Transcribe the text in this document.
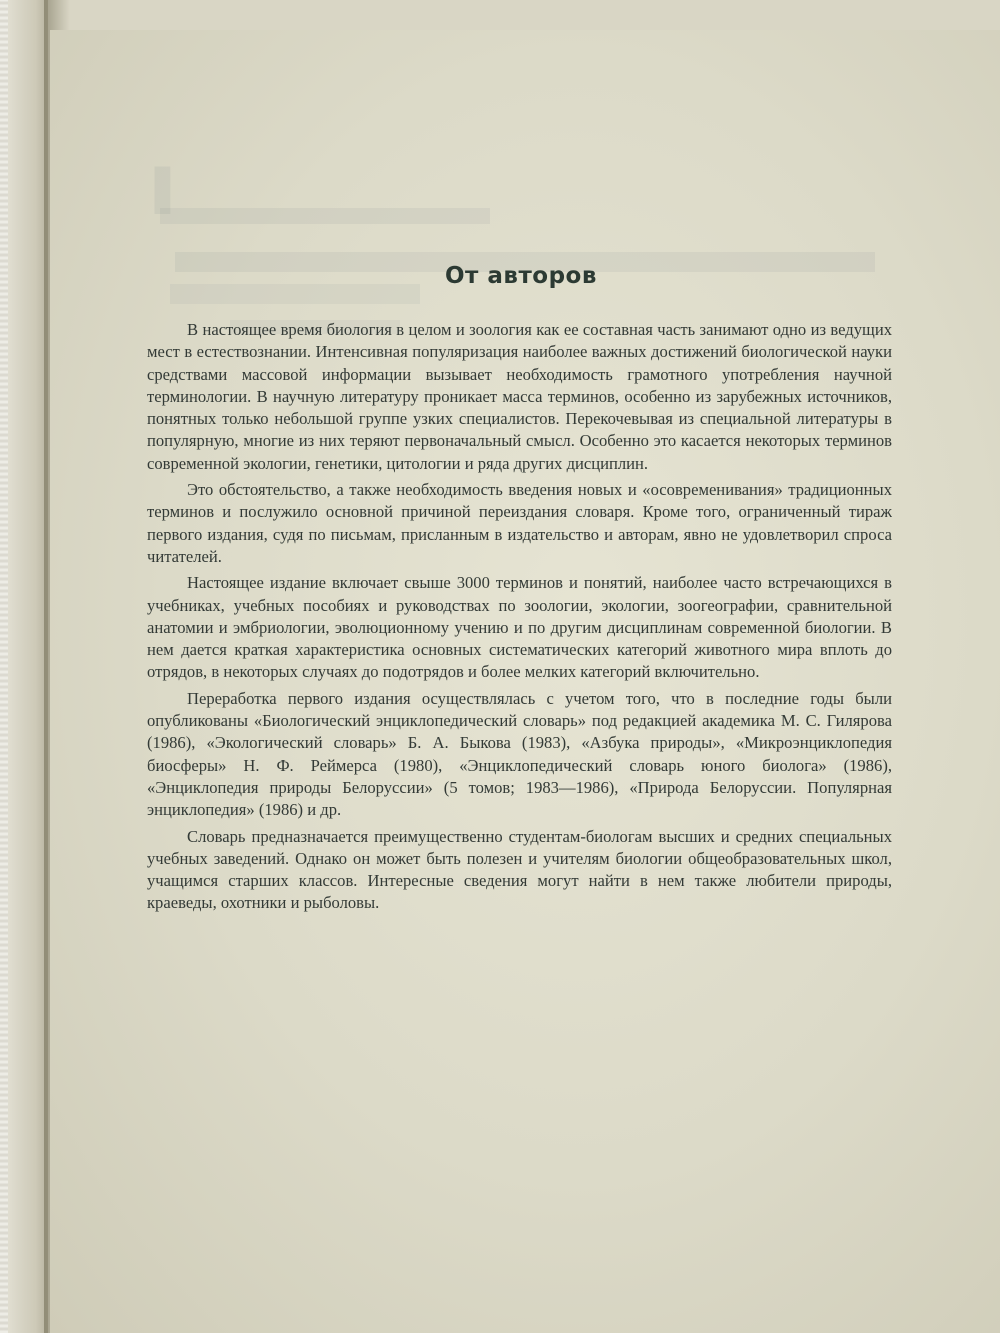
▌
От авторов

В настоящее время биология в целом и зоология как ее составная часть занимают одно из ведущих мест в естествознании. Интенсивная популяризация наиболее важных достижений биологической науки средствами массовой информации вызывает необходимость грамотного употребления научной терминологии. В научную литературу проникает масса терминов, особенно из зарубежных источников, понятных только небольшой группе узких специалистов. Перекочевывая из специальной литературы в популярную, многие из них теряют первоначальный смысл. Особенно это касается некоторых терминов современной экологии, генетики, цитологии и ряда других дисциплин.

Это обстоятельство, а также необходимость введения новых и «осовременивания» традиционных терминов и послужило основной причиной переиздания словаря. Кроме того, ограниченный тираж первого издания, судя по письмам, присланным в издательство и авторам, явно не удовлетворил спроса читателей.

Настоящее издание включает свыше 3000 терминов и понятий, наиболее часто встречающихся в учебниках, учебных пособиях и руководствах по зоологии, экологии, зоогеографии, сравнительной анатомии и эмбриологии, эволюционному учению и по другим дисциплинам современной биологии. В нем дается краткая характеристика основных систематических категорий животного мира вплоть до отрядов, в некоторых случаях до подотрядов и более мелких категорий включительно.

Переработка первого издания осуществлялась с учетом того, что в последние годы были опубликованы «Биологический энциклопедический словарь» под редакцией академика М. С. Гилярова (1986), «Экологический словарь» Б. А. Быкова (1983), «Азбука природы», «Микроэнциклопедия биосферы» Н. Ф. Реймерса (1980), «Энциклопедический словарь юного биолога» (1986), «Энциклопедия природы Белоруссии» (5 томов; 1983—1986), «Природа Белоруссии. Популярная энциклопедия» (1986) и др.

Словарь предназначается преимущественно студентам-биологам высших и средних специальных учебных заведений. Однако он может быть полезен и учителям биологии общеобразовательных школ, учащимся старших классов. Интересные сведения могут найти в нем также любители природы, краеведы, охотники и рыболовы.
